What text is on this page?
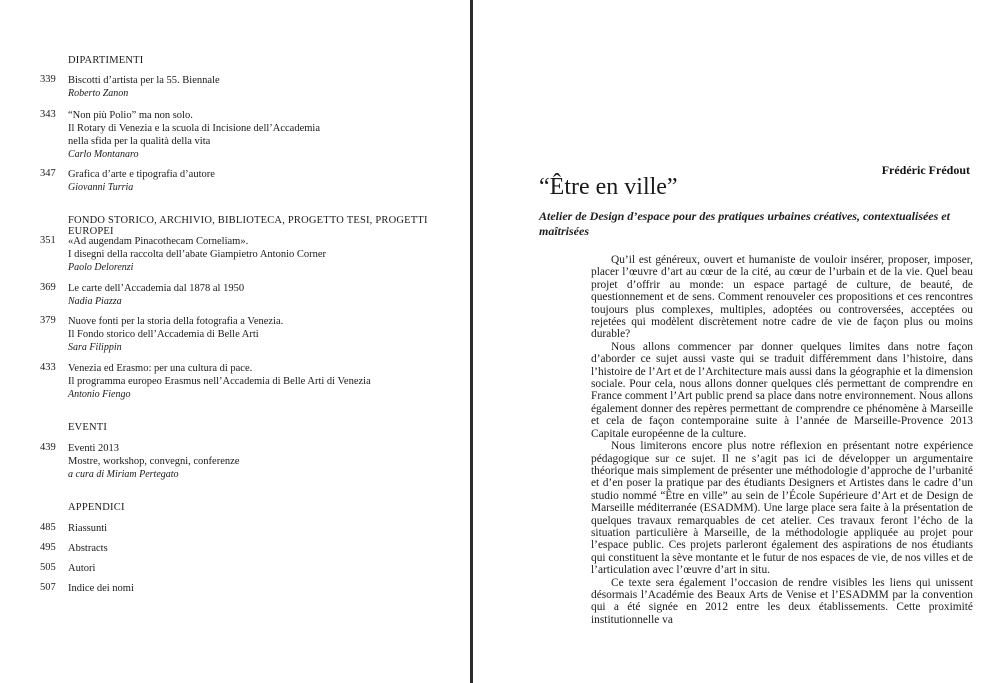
DIPARTIMENTI
339	Biscotti d’artista per la 55. Biennale
Roberto Zanon
343	“Non più Polio” ma non solo.
Il Rotary di Venezia e la scuola di Incisione dell’Accademia
nella sfida per la qualità della vita
Carlo Montanaro
347	Grafica d’arte e tipografia d’autore
Giovanni Turria
FONDO STORICO, ARCHIVIO, BIBLIOTECA, PROGETTO TESI, PROGETTI EUROPEI
351	«Ad augendam Pinacothecam Corneliam».
I disegni della raccolta dell’abate Giampietro Antonio Corner
Paolo Delorenzi
369	Le carte dell’Accademia dal 1878 al 1950
Nadia Piazza
379	Nuove fonti per la storia della fotografia a Venezia.
Il Fondo storico dell’Accademia di Belle Arti
Sara Filippin
433	Venezia ed Erasmo: per una cultura di pace.
Il programma europeo Erasmus nell’Accademia di Belle Arti di Venezia
Antonio Fiengo
EVENTI
439	Eventi 2013
Mostre, workshop, convegni, conferenze
a cura di Miriam Pertegato
APPENDICI
485	Riassunti
495	Abstracts
505	Autori
507	Indice dei nomi
Frédéric Frédout
“Être en ville”
Atelier de Design d’espace pour des pratiques urbaines créatives, contextualisées et maîtrisées

Qu’il est généreux, ouvert et humaniste de vouloir insérer, proposer, imposer, placer l’œuvre d’art au cœur de la cité, au cœur de l’urbain et de la vie. Quel beau projet d’offrir au monde: un espace partagé de culture, de beauté, de questionnement et de sens. Comment renouveler ces propositions et ces rencontres toujours plus complexes, multiples, adoptées ou controversées, acceptées ou rejetées qui modèlent discrètement notre cadre de vie de façon plus ou moins durable?

Nous allons commencer par donner quelques limites dans notre façon d’aborder ce sujet aussi vaste qui se traduit différemment dans l’histoire, dans l’histoire de l’Art et de l’Architecture mais aussi dans la géographie et la dimension sociale. Pour cela, nous allons donner quelques clés permettant de comprendre en France comment l’Art public prend sa place dans notre environnement. Nous allons également donner des repères permettant de comprendre ce phénomène à Marseille et cela de façon contemporaine suite à l’année de Marseille-Provence 2013 Capitale européenne de la culture.

Nous limiterons encore plus notre réflexion en présentant notre expérience pédagogique sur ce sujet. Il ne s’agit pas ici de développer un argumentaire théorique mais simplement de présenter une méthodologie d’approche de l’urbanité et d’en poser la pratique par des étudiants Designers et Artistes dans le cadre d’un studio nommé “Être en ville” au sein de l’École Supérieure d’Art et de Design de Marseille méditerranée (ESADMM). Une large place sera faite à la présentation de quelques travaux remarquables de cet atelier. Ces travaux feront l’écho de la situation particulière à Marseille, de la méthodologie appliquée au projet pour l’espace public. Ces projets parleront également des aspirations de nos étudiants qui constituent la sève montante et le futur de nos espaces de vie, de nos villes et de l’articulation avec l’œuvre d’art in situ.

Ce texte sera également l’occasion de rendre visibles les liens qui unissent désormais l’Académie des Beaux Arts de Venise et l’ESADMM par la convention qui a été signée en 2012 entre les deux établissements. Cette proximité institutionnelle va
